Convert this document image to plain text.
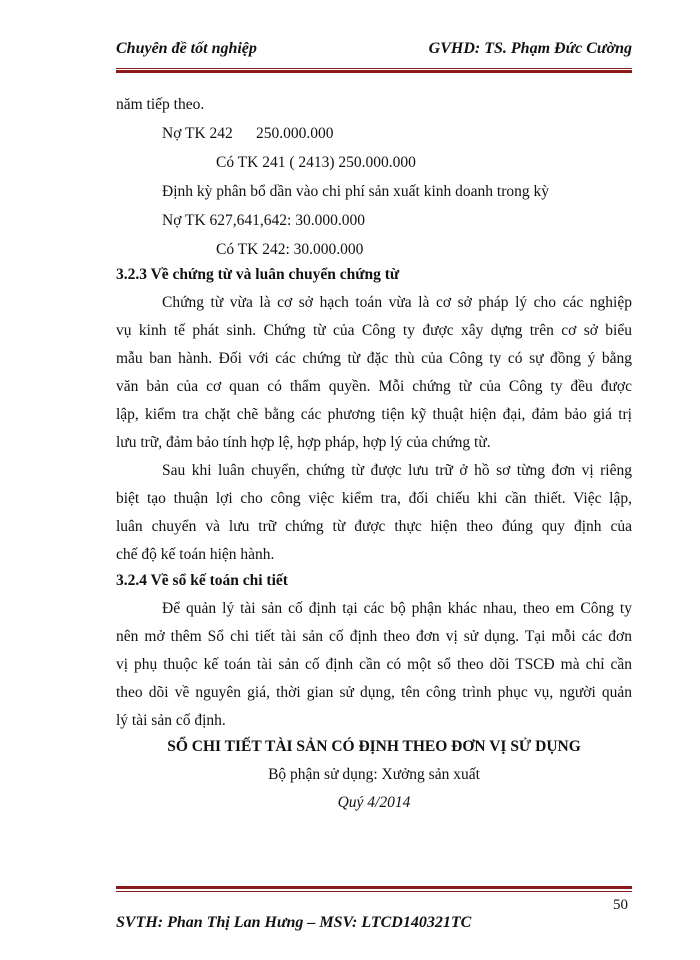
Chuyên đề tốt nghiệp	GVHD: TS. Phạm Đức Cường
năm tiếp theo.
Nợ TK 242      250.000.000
Có TK 241 ( 2413) 250.000.000
Định kỳ phân bổ dần vào chi phí sản xuất kinh doanh trong kỳ
Nợ TK 627,641,642: 30.000.000
Có TK 242: 30.000.000
3.2.3 Về chứng từ và luân chuyển chứng từ
Chứng từ vừa là cơ sở hạch toán vừa là cơ sở pháp lý cho các nghiệp
vụ kinh tế phát sinh. Chứng từ của Công ty được xây dựng trên cơ sở biểu
mẫu ban hành. Đối với các chứng từ đặc thù của Công ty có sự đồng ý bằng
văn bản của cơ quan có thẩm quyền. Mỗi chứng từ của Công ty đều được
lập, kiểm tra chặt chẽ bằng các phương tiện kỹ thuật hiện đại, đảm bảo giá trị
lưu trữ, đảm bảo tính hợp lệ, hợp pháp, hợp lý của chứng từ.
Sau khi luân chuyển, chứng từ được lưu trữ ở hồ sơ từng đơn vị riêng
biệt tạo thuận lợi cho công việc kiểm tra, đối chiếu khi cần thiết. Việc lập,
luân chuyển và lưu trữ chứng từ được thực hiện theo đúng quy định của
chế độ kế toán hiện hành.
3.2.4 Về sổ kế toán chi tiết
Để quản lý tài sản cố định tại các bộ phận khác nhau, theo em Công ty
nên mở thêm Sổ chi tiết tài sản cố định theo đơn vị sử dụng. Tại mỗi các đơn
vị phụ thuộc kế toán tài sản cố định cần có một sổ theo dõi TSCĐ mà chỉ cần
theo dõi về nguyên giá, thời gian sử dụng, tên công trình phục vụ, người quản
lý tài sản cố định.
SỔ CHI TIẾT TÀI SẢN CÓ ĐỊNH THEO ĐƠN VỊ SỬ DỤNG
Bộ phận sử dụng: Xưởng sản xuất
Quý 4/2014
SVTH: Phan Thị Lan Hưng – MSV: LTCD140321TC
50
